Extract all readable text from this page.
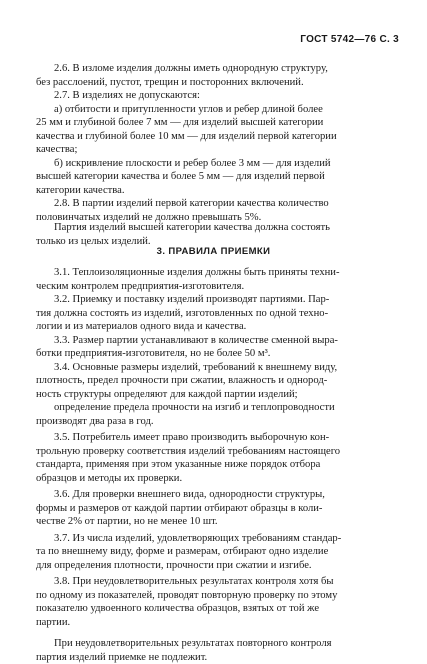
ГОСТ 5742—76 С. 3
2.6. В изломе изделия должны иметь однородную структуру,
без расслоений, пустот, трещин и посторонних включений.
2.7. В изделиях не допускаются:
а) отбитости и притупленности углов и ребер длиной более
25 мм и глубиной более 7 мм — для изделий высшей категории
качества и глубиной более 10 мм — для изделий первой категории
качества;
б) искривление плоскости и ребер более 3 мм — для изделий
высшей категории качества и более 5 мм — для изделий первой
категории качества.
2.8. В партии изделий первой категории качества количество
половинчатых изделий не должно превышать 5%.
Партия изделий высшей категории качества должна состоять
только из целых изделий.
3. ПРАВИЛА ПРИЕМКИ
3.1. Теплоизоляционные изделия должны быть приняты техни-
ческим контролем предприятия-изготовителя.
3.2. Приемку и поставку изделий производят партиями. Пар-
тия должна состоять из изделий, изготовленных по одной техно-
логии и из материалов одного вида и качества.
3.3. Размер партии устанавливают в количестве сменной выра-
ботки предприятия-изготовителя, но не более 50 м³.
3.4. Основные размеры изделий, требований к внешнему виду,
плотность, предел прочности при сжатии, влажность и однород-
ность структуры определяют для каждой партии изделий;
определение предела прочности на изгиб и теплопроводности
производят два раза в год.
3.5. Потребитель имеет право производить выборочную кон-
трольную проверку соответствия изделий требованиям настоящего
стандарта, применяя при этом указанные ниже порядок отбора
образцов и методы их проверки.
3.6. Для проверки внешнего вида, однородности структуры,
формы и размеров от каждой партии отбирают образцы в коли-
честве 2% от партии, но не менее 10 шт.
3.7. Из числа изделий, удовлетворяющих требованиям стандар-
та по внешнему виду, форме и размерам, отбирают одно изделие
для определения плотности, прочности при сжатии и изгибе.
3.8. При неудовлетворительных результатах контроля хотя бы
по одному из показателей, проводят повторную проверку по этому
показателю удвоенного количества образцов, взятых от той же
партии.
При неудовлетворительных результатах повторного контроля
партия изделий приемке не подлежит.
